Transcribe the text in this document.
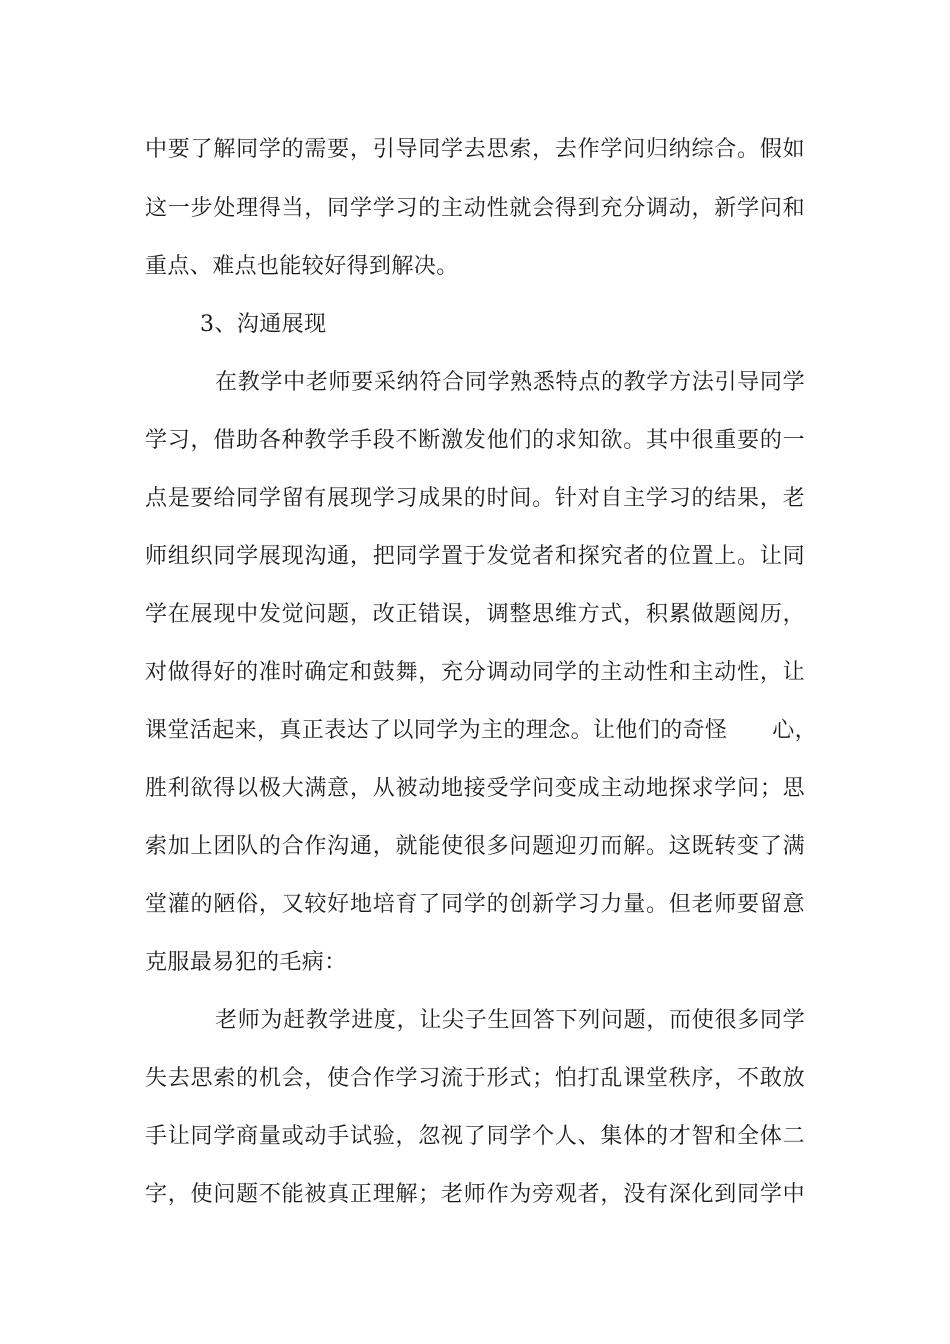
中要了解同学的需要，引导同学去思索，去作学问归纳综合。假如
这一步处理得当，同学学习的主动性就会得到充分调动，新学问和
重点、难点也能较好得到解决。
3、沟通展现
在教学中老师要采纳符合同学熟悉特点的教学方法引导同学
学习，借助各种教学手段不断激发他们的求知欲。其中很重要的一
点是要给同学留有展现学习成果的时间。针对自主学习的结果，老
师组织同学展现沟通，把同学置于发觉者和探究者的位置上。让同
学在展现中发觉问题，改正错误，调整思维方式，积累做题阅历，
对做得好的准时确定和鼓舞，充分调动同学的主动性和主动性，让
课堂活起来，真正表达了以同学为主的理念。让他们的奇怪　　心，
胜利欲得以极大满意，从被动地接受学问变成主动地探求学问；思
索加上团队的合作沟通，就能使很多问题迎刃而解。这既转变了满
堂灌的陋俗，又较好地培育了同学的创新学习力量。但老师要留意
克服最易犯的毛病：
老师为赶教学进度，让尖子生回答下列问题，而使很多同学
失去思索的机会，使合作学习流于形式；怕打乱课堂秩序，不敢放
手让同学商量或动手试验，忽视了同学个人、集体的才智和全体二
字，使问题不能被真正理解；老师作为旁观者，没有深化到同学中
